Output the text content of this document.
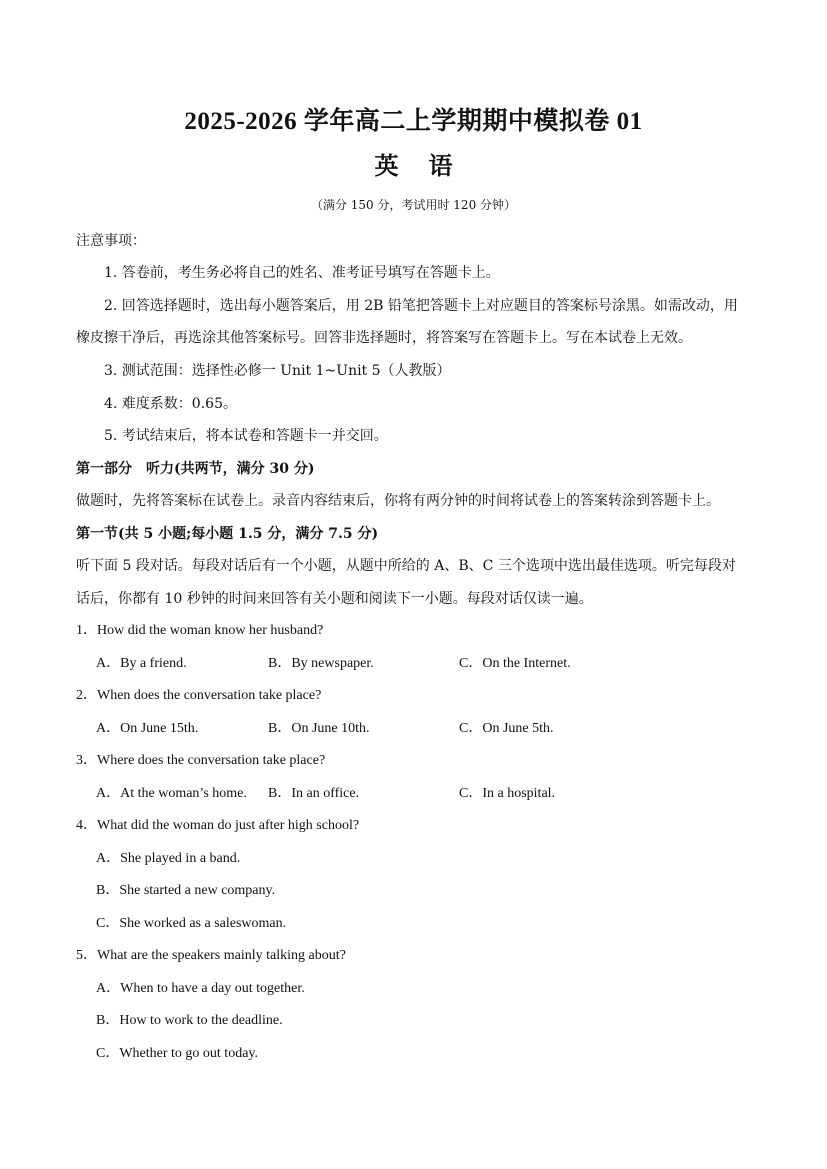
2025-2026 学年高二上学期期中模拟卷 01
英语
（满分 150 分，考试用时 120 分钟）
注意事项：
1. 答卷前，考生务必将自己的姓名、准考证号填写在答题卡上。
2. 回答选择题时，选出每小题答案后，用 2B 铅笔把答题卡上对应题目的答案标号涂黑。如需改动，用
橡皮擦干净后，再选涂其他答案标号。回答非选择题时，将答案写在答题卡上。写在本试卷上无效。
3. 测试范围：选择性必修一 Unit 1~Unit 5（人教版）
4. 难度系数：0.65。
5. 考试结束后，将本试卷和答题卡一并交回。
第一部分　听力(共两节，满分 30 分)
做题时，先将答案标在试卷上。录音内容结束后，你将有两分钟的时间将试卷上的答案转涂到答题卡上。
第一节(共 5 小题;每小题 1.5 分，满分 7.5 分)
听下面 5 段对话。每段对话后有一个小题，从题中所给的 A、B、C 三个选项中选出最佳选项。听完每段对
话后，你都有 10 秒钟的时间来回答有关小题和阅读下一小题。每段对话仅读一遍。
1．How did the woman know her husband?
A．By a friend.	B．By newspaper.	C．On the Internet.
2．When does the conversation take place?
A．On June 15th.	B．On June 10th.	C．On June 5th.
3．Where does the conversation take place?
A．At the woman’s home. B．In an office.	C．In a hospital.
4．What did the woman do just after high school?
A．She played in a band.
B．She started a new company.
C．She worked as a saleswoman.
5．What are the speakers mainly talking about?
A．When to have a day out together.
B．How to work to the deadline.
C．Whether to go out today.
